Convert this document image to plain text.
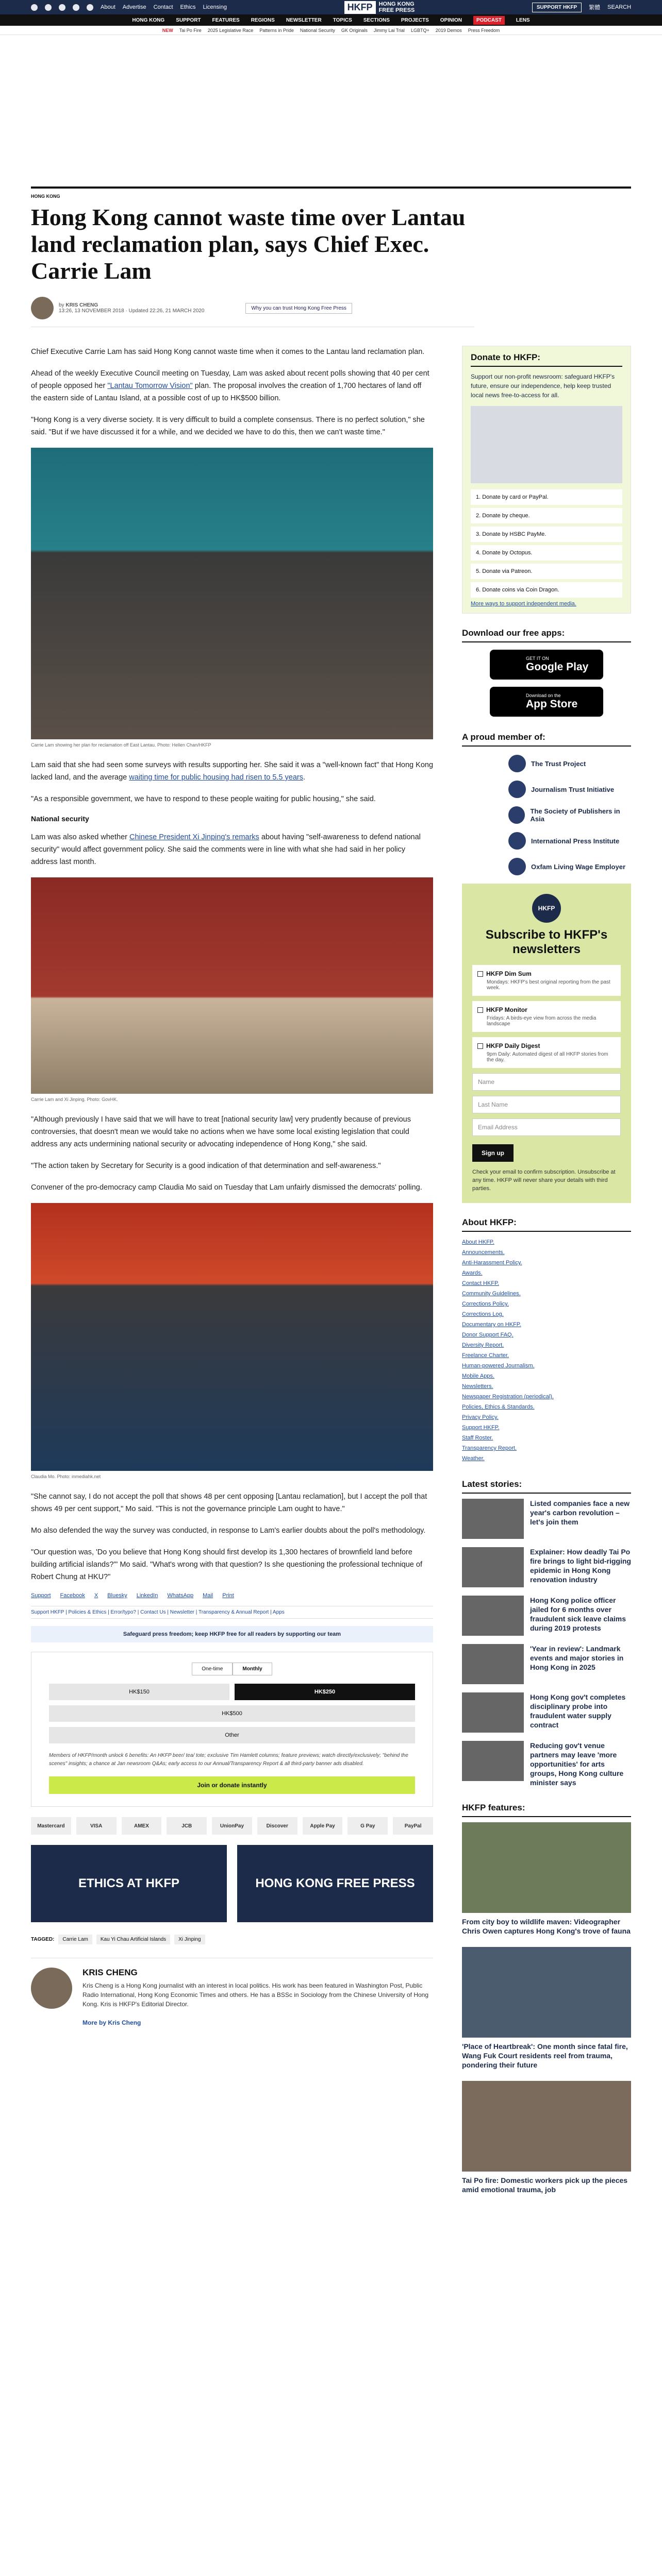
About Advertise Contact Ethics Licensing	HKFP	HONG KONG
FREE PRESS	SUPPORT HKFP	繁體 SEARCH
HONG KONG SUPPORT FEATURES REGIONS NEWSLETTER TOPICS SECTIONS PROJECTS OPINION	PODCAST	LENS
NEW Tai Po Fire 2025 Legislative Race Patterns in Pride National Security GK Originals Jimmy Lai Trial LGBTQ+ 2019 Demos Press Freedom
HONG KONG
Hong Kong cannot waste time over Lantau land reclamation plan, says Chief Exec. Carrie Lam
by KRIS CHENG
13:26, 13 NOVEMBER 2018 · Updated 22:26, 21 MARCH 2020	Why you can trust Hong Kong Free Press

Chief Executive Carrie Lam has said Hong Kong cannot waste time when it comes to the Lantau land reclamation plan.

Ahead of the weekly Executive Council meeting on Tuesday, Lam was asked about recent polls showing that 40 per cent of people opposed her "Lantau Tomorrow Vision" plan. The proposal involves the creation of 1,700 hectares of land off the eastern side of Lantau Island, at a possible cost of up to HK$500 billion.

"Hong Kong is a very diverse society. It is very difficult to build a complete consensus. There is no perfect solution," she said. "But if we have discussed it for a while, and we decided we have to do this, then we can't waste time."

Carrie Lam showing her plan for reclamation off East Lantau. Photo: Hellen Chan/HKFP

Lam said that she had seen some surveys with results supporting her. She said it was a "well-known fact" that Hong Kong lacked land, and the average waiting time for public housing had risen to 5.5 years.

"As a responsible government, we have to respond to these people waiting for public housing," she said.

National security

Lam was also asked whether Chinese President Xi Jinping's remarks about having "self-awareness to defend national security" would affect government policy. She said the comments were in line with what she had said in her policy address last month.

Carrie Lam and Xi Jinping. Photo: GovHK.

"Although previously I have said that we will have to treat [national security law] very prudently because of previous controversies, that doesn't mean we would take no actions when we have some local existing legislation that could address any acts undermining national security or advocating independence of Hong Kong," she said.

"The action taken by Secretary for Security is a good indication of that determination and self-awareness."

Convener of the pro-democracy camp Claudia Mo said on Tuesday that Lam unfairly dismissed the democrats' polling.

Claudia Mo. Photo: inmediahk.net

"She cannot say, I do not accept the poll that shows 48 per cent opposing [Lantau reclamation], but I accept the poll that shows 49 per cent support," Mo said. "This is not the governance principle Lam ought to have."

Mo also defended the way the survey was conducted, in response to Lam's earlier doubts about the poll's methodology.

"Our question was, 'Do you believe that Hong Kong should first develop its 1,300 hectares of brownfield land before building artificial islands?'" Mo said. "What's wrong with that question? Is she questioning the professional technique of Robert Chung at HKU?"

Support Facebook X Bluesky LinkedIn WhatsApp Mail Print
Support HKFP | Policies & Ethics | Error/typo? | Contact Us | Newsletter | Transparency & Annual Report | Apps
Safeguard press freedom; keep HKFP free for all readers by supporting our team
One-time	Monthly
HK$150	HK$250
HK$500
Other
Members of HKFP/month unlock 6 benefits: An HKFP beer/ tea/ tote; exclusive Tim Hamlett columns; feature previews; watch directly/exclusively; "behind the scenes" insights; a chance at Jan newsroom Q&As; early access to our Annual/Transparency Report & all third-party banner ads disabled.
Join or donate instantly
Mastercard	VISA	AMEX	JCB	UnionPay	Discover	Apple Pay	G Pay	PayPal
ETHICS AT HKFP	HONG KONG FREE PRESS
TAGGED:	Carrie Lam	Kau Yi Chau Artificial Islands	Xi Jinping
KRIS CHENG

Kris Cheng is a Hong Kong journalist with an interest in local politics. His work has been featured in Washington Post, Public Radio International, Hong Kong Economic Times and others. He has a BSSc in Sociology from the Chinese University of Hong Kong. Kris is HKFP's Editorial Director.

More by Kris Cheng

Donate to HKFP:
Support our non-profit newsroom: safeguard HKFP's future, ensure our independence, help keep trusted local news free-to-access for all.
1. Donate by card or PayPal.
2. Donate by cheque.
3. Donate by HSBC PayMe.
4. Donate by Octopus.
5. Donate via Patreon.
6. Donate coins via Coin Dragon.
More ways to support independent media.
Download our free apps:
GET IT ON
Google Play
Download on the
App Store
A proud member of:
The Trust Project
Journalism Trust Initiative
The Society of Publishers in Asia
International Press Institute
Oxfam Living Wage Employer
HKFP
Subscribe to HKFP's newsletters
HKFP Dim Sum
Mondays: HKFP's best original reporting from the past week.
HKFP Monitor
Fridays: A birds-eye view from across the media landscape
HKFP Daily Digest
9pm Daily: Automated digest of all HKFP stories from the day.
Name
Last Name
Email Address
Sign up
Check your email to confirm subscription. Unsubscribe at any time. HKFP will never share your details with third parties.
About HKFP:
About HKFP.
Announcements.
Anti-Harassment Policy.
Awards.
Contact HKFP.
Community Guidelines.
Corrections Policy.
Corrections Log.
Documentary on HKFP.
Donor Support FAQ.
Diversity Report.
Freelance Charter.
Human-powered Journalism.
Mobile Apps.
Newsletters.
Newspaper Registration (periodical).
Policies, Ethics & Standards.
Privacy Policy.
Support HKFP.
Staff Roster.
Transparency Report.
Weather.
Latest stories:
Listed companies face a new year's carbon revolution – let's join them
Explainer: How deadly Tai Po fire brings to light bid-rigging epidemic in Hong Kong renovation industry
Hong Kong police officer jailed for 6 months over fraudulent sick leave claims during 2019 protests
'Year in review': Landmark events and major stories in Hong Kong in 2025
Hong Kong gov't completes disciplinary probe into fraudulent water supply contract
Reducing gov't venue partners may leave 'more opportunities' for arts groups, Hong Kong culture minister says
HKFP features:
From city boy to wildlife maven: Videographer Chris Owen captures Hong Kong's trove of fauna
'Place of Heartbreak': One month since fatal fire, Wang Fuk Court residents reel from trauma, pondering their future
Tai Po fire: Domestic workers pick up the pieces amid emotional trauma, job
